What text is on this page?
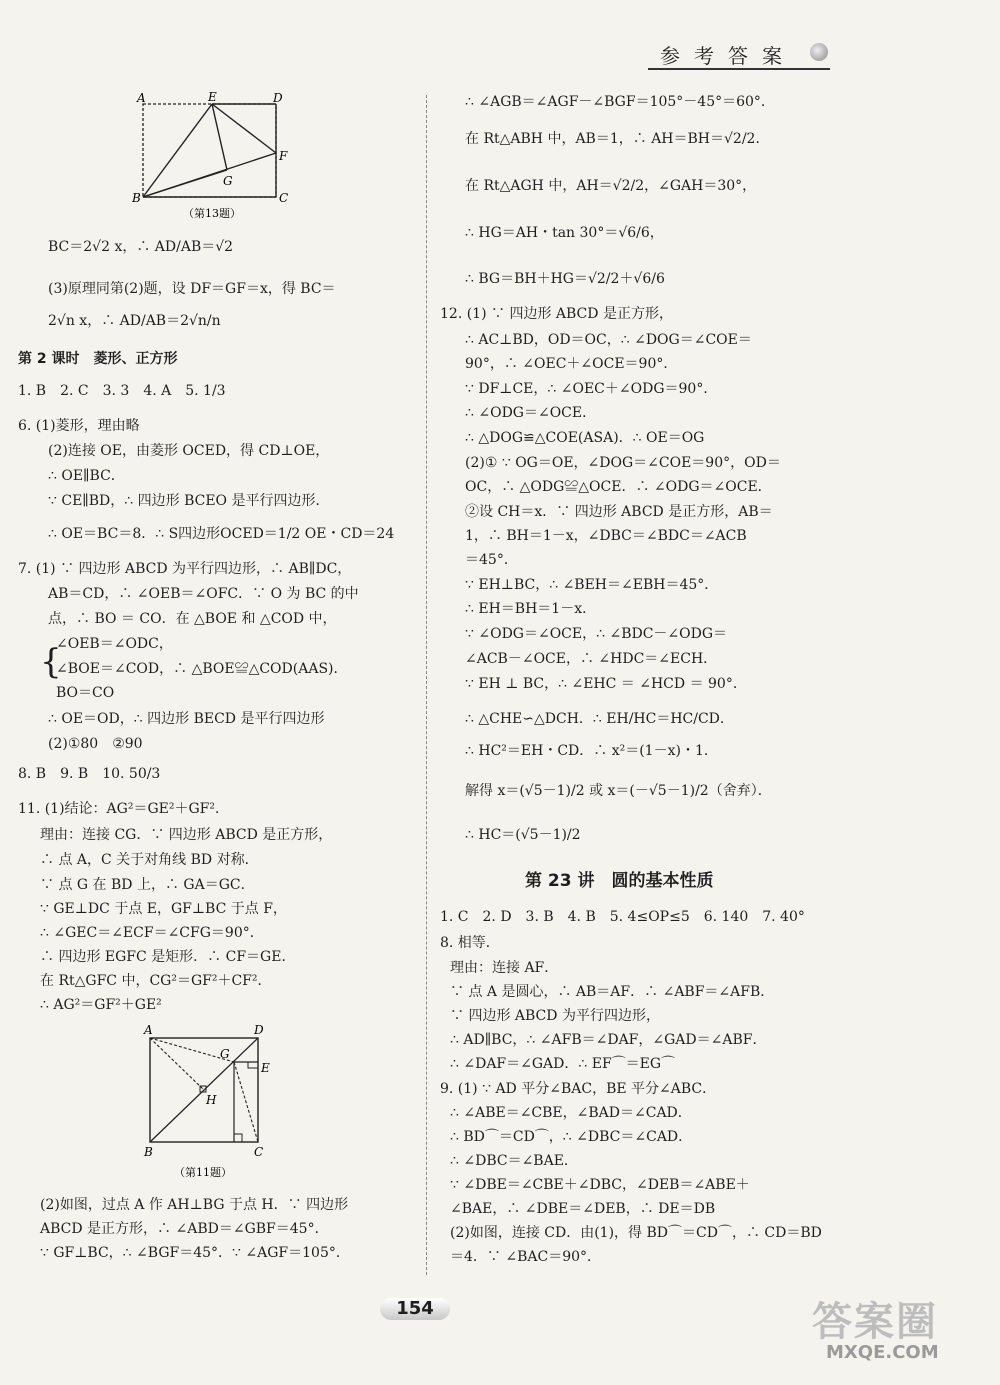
参考答案
A	E	D
F
G
B	C
（第13题）
A	D
G
E
H
B	C
（第11题）
BC＝2√2 x，∴ AD/AB＝√2
(3)原理同第(2)题，设 DF＝GF＝x，得 BC＝
2√n x，∴ AD/AB＝2√n/n
第 2 课时　菱形、正方形
1. B　2. C　3. 3　4. A　5. 1/3
6. (1)菱形，理由略
(2)连接 OE，由菱形 OCED，得 CD⊥OE，
∴ OE∥BC．
∵ CE∥BD，∴ 四边形 BCEO 是平行四边形．
∴ OE＝BC＝8．∴ S四边形OCED＝1/2 OE・CD＝24
7. (1) ∵ 四边形 ABCD 为平行四边形，∴ AB∥DC，
AB＝CD，∴ ∠OEB＝∠OFC．∵ O 为 BC 的中
点，∴ BO ＝ CO．在 △BOE 和 △COD 中，
{
∠OEB＝∠ODC，
∠BOE＝∠COD，∴ △BOE≌△COD(AAS)．
BO＝CO
∴ OE＝OD，∴ 四边形 BECD 是平行四边形
(2)①80　②90
8. B　9. B　10. 50/3
11. (1)结论：AG²＝GE²＋GF²．
理由：连接 CG．∵ 四边形 ABCD 是正方形，
∴ 点 A，C 关于对角线 BD 对称．
∵ 点 G 在 BD 上，∴ GA＝GC．
∵ GE⊥DC 于点 E，GF⊥BC 于点 F，
∴ ∠GEC＝∠ECF＝∠CFG＝90°．
∴ 四边形 EGFC 是矩形．∴ CF＝GE．
在 Rt△GFC 中，CG²＝GF²＋CF²．
∴ AG²＝GF²＋GE²
(2)如图，过点 A 作 AH⊥BG 于点 H．∵ 四边形
ABCD 是正方形，∴ ∠ABD＝∠GBF＝45°．
∵ GF⊥BC，∴ ∠BGF＝45°．∵ ∠AGF＝105°．
∴ ∠AGB＝∠AGF－∠BGF＝105°－45°＝60°．
在 Rt△ABH 中，AB＝1，∴ AH＝BH＝√2/2．
在 Rt△AGH 中，AH＝√2/2，∠GAH＝30°，
∴ HG＝AH・tan 30°＝√6/6，
∴ BG＝BH＋HG＝√2/2＋√6/6
12. (1) ∵ 四边形 ABCD 是正方形，
∴ AC⊥BD，OD＝OC，∴ ∠DOG＝∠COE＝
90°，∴ ∠OEC＋∠OCE＝90°．
∵ DF⊥CE，∴ ∠OEC＋∠ODG＝90°．
∴ ∠ODG＝∠OCE．
∴ △DOG≌△COE(ASA)．∴ OE＝OG
(2)① ∵ OG＝OE，∠DOG＝∠COE＝90°，OD＝
OC，∴ △ODG≌△OCE．∴ ∠ODG＝∠OCE．
②设 CH＝x．∵ 四边形 ABCD 是正方形，AB＝
1，∴ BH＝1－x，∠DBC＝∠BDC＝∠ACB
＝45°．
∵ EH⊥BC，∴ ∠BEH＝∠EBH＝45°．
∴ EH＝BH＝1－x．
∵ ∠ODG＝∠OCE，∴ ∠BDC－∠ODG＝
∠ACB－∠OCE，∴ ∠HDC＝∠ECH．
∵ EH ⊥ BC，∴ ∠EHC ＝ ∠HCD ＝ 90°．
∴ △CHE∽△DCH．∴ EH/HC＝HC/CD．
∴ HC²＝EH・CD．∴ x²＝(1－x)・1．
解得 x＝(√5－1)/2 或 x＝(－√5－1)/2（舍弃）．
∴ HC＝(√5－1)/2
第 23 讲　圆的基本性质
1. C　2. D　3. B　4. B　5. 4≤OP≤5　6. 140　7. 40°
8. 相等．
理由：连接 AF．
∵ 点 A 是圆心，∴ AB＝AF．∴ ∠ABF＝∠AFB．
∵ 四边形 ABCD 为平行四边形，
∴ AD∥BC，∴ ∠AFB＝∠DAF，∠GAD＝∠ABF．
∴ ∠DAF＝∠GAD．∴ EF⌒＝EG⌒
9. (1) ∵ AD 平分∠BAC，BE 平分∠ABC．
∴ ∠ABE＝∠CBE，∠BAD＝∠CAD．
∴ BD⌒＝CD⌒，∴ ∠DBC＝∠CAD．
∴ ∠DBC＝∠BAE．
∵ ∠DBE＝∠CBE＋∠DBC，∠DEB＝∠ABE＋
∠BAE，∴ ∠DBE＝∠DEB，∴ DE＝DB
(2)如图，连接 CD．由(1)，得 BD⌒＝CD⌒，∴ CD＝BD
＝4．∵ ∠BAC＝90°．
154	答案圈
MXQE.COM
